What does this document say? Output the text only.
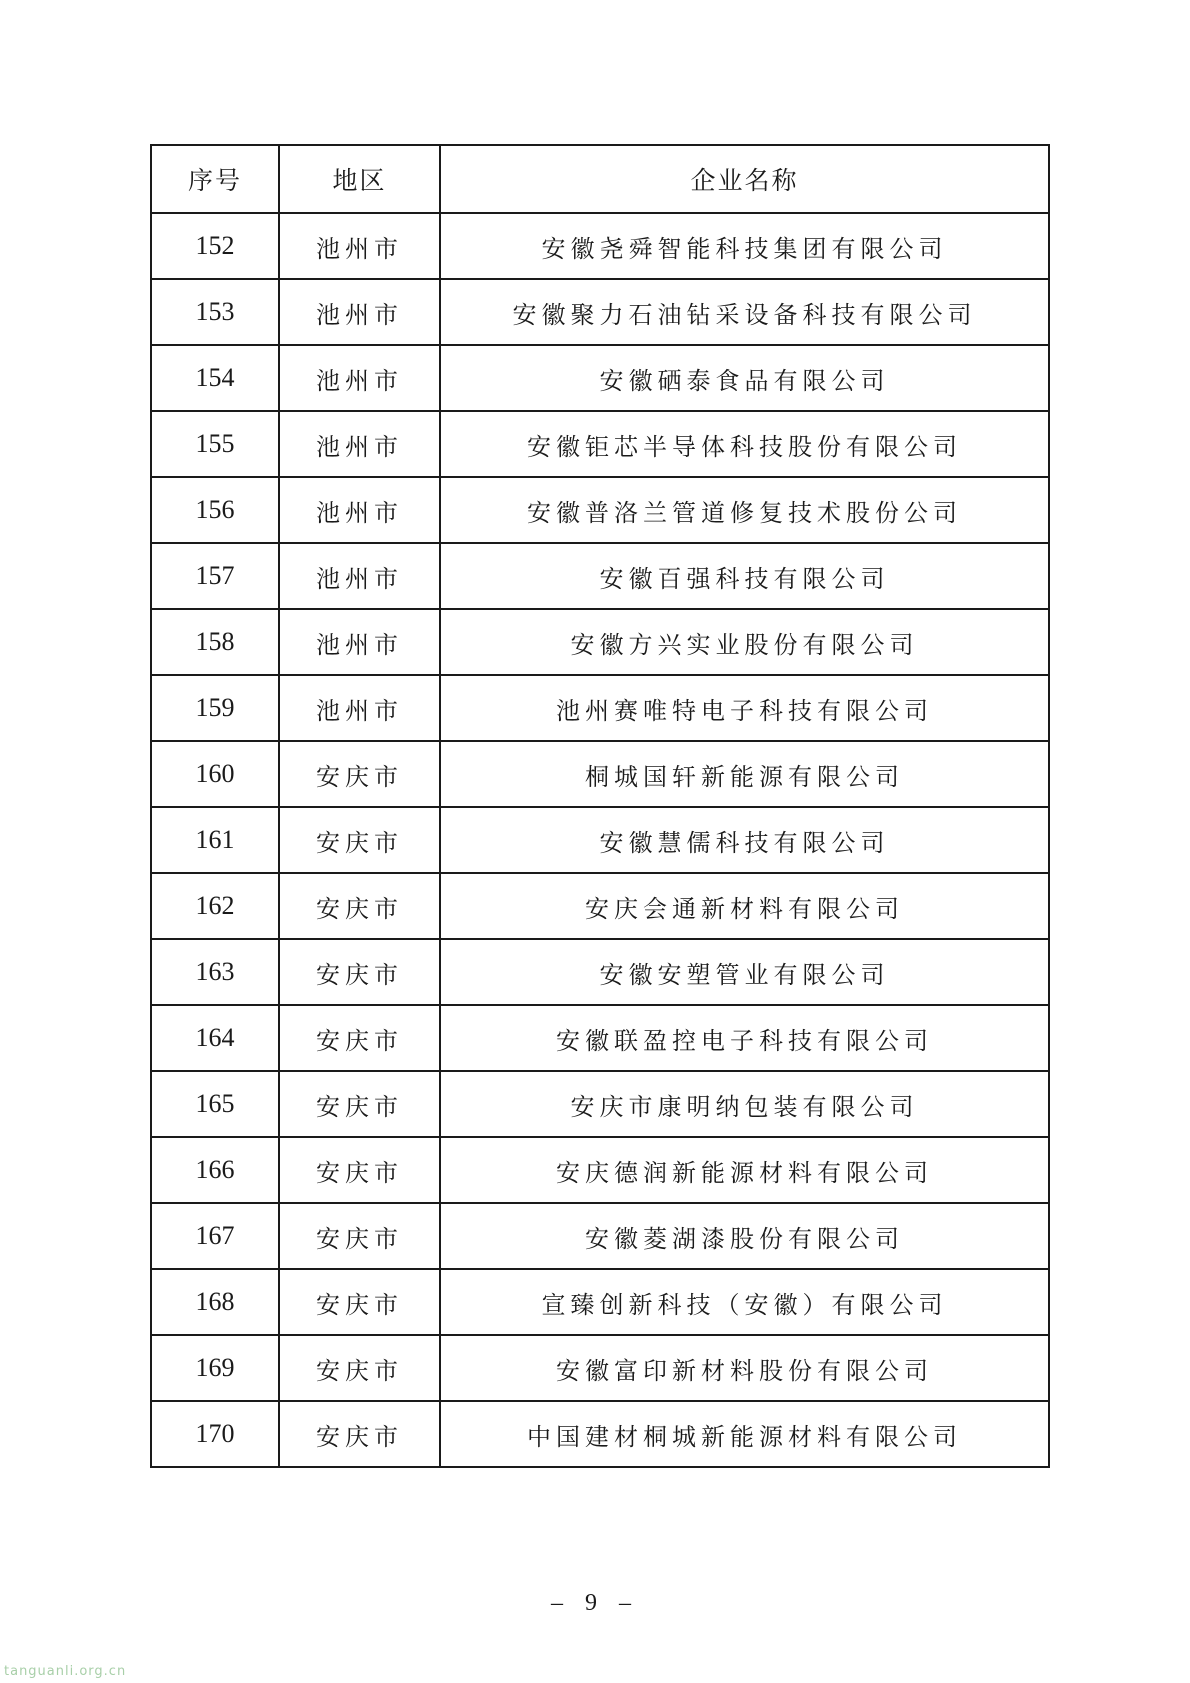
序号	地区	企业名称
152	池州市	安徽尧舜智能科技集团有限公司
153	池州市	安徽聚力石油钻采设备科技有限公司
154	池州市	安徽硒泰食品有限公司
155	池州市	安徽钜芯半导体科技股份有限公司
156	池州市	安徽普洛兰管道修复技术股份公司
157	池州市	安徽百强科技有限公司
158	池州市	安徽方兴实业股份有限公司
159	池州市	池州赛唯特电子科技有限公司
160	安庆市	桐城国轩新能源有限公司
161	安庆市	安徽慧儒科技有限公司
162	安庆市	安庆会通新材料有限公司
163	安庆市	安徽安塑管业有限公司
164	安庆市	安徽联盈控电子科技有限公司
165	安庆市	安庆市康明纳包装有限公司
166	安庆市	安庆德润新能源材料有限公司
167	安庆市	安徽菱湖漆股份有限公司
168	安庆市	宣臻创新科技（安徽）有限公司
169	安庆市	安徽富印新材料股份有限公司
170	安庆市	中国建材桐城新能源材料有限公司
– 9 –
tanguanli.org.cn
